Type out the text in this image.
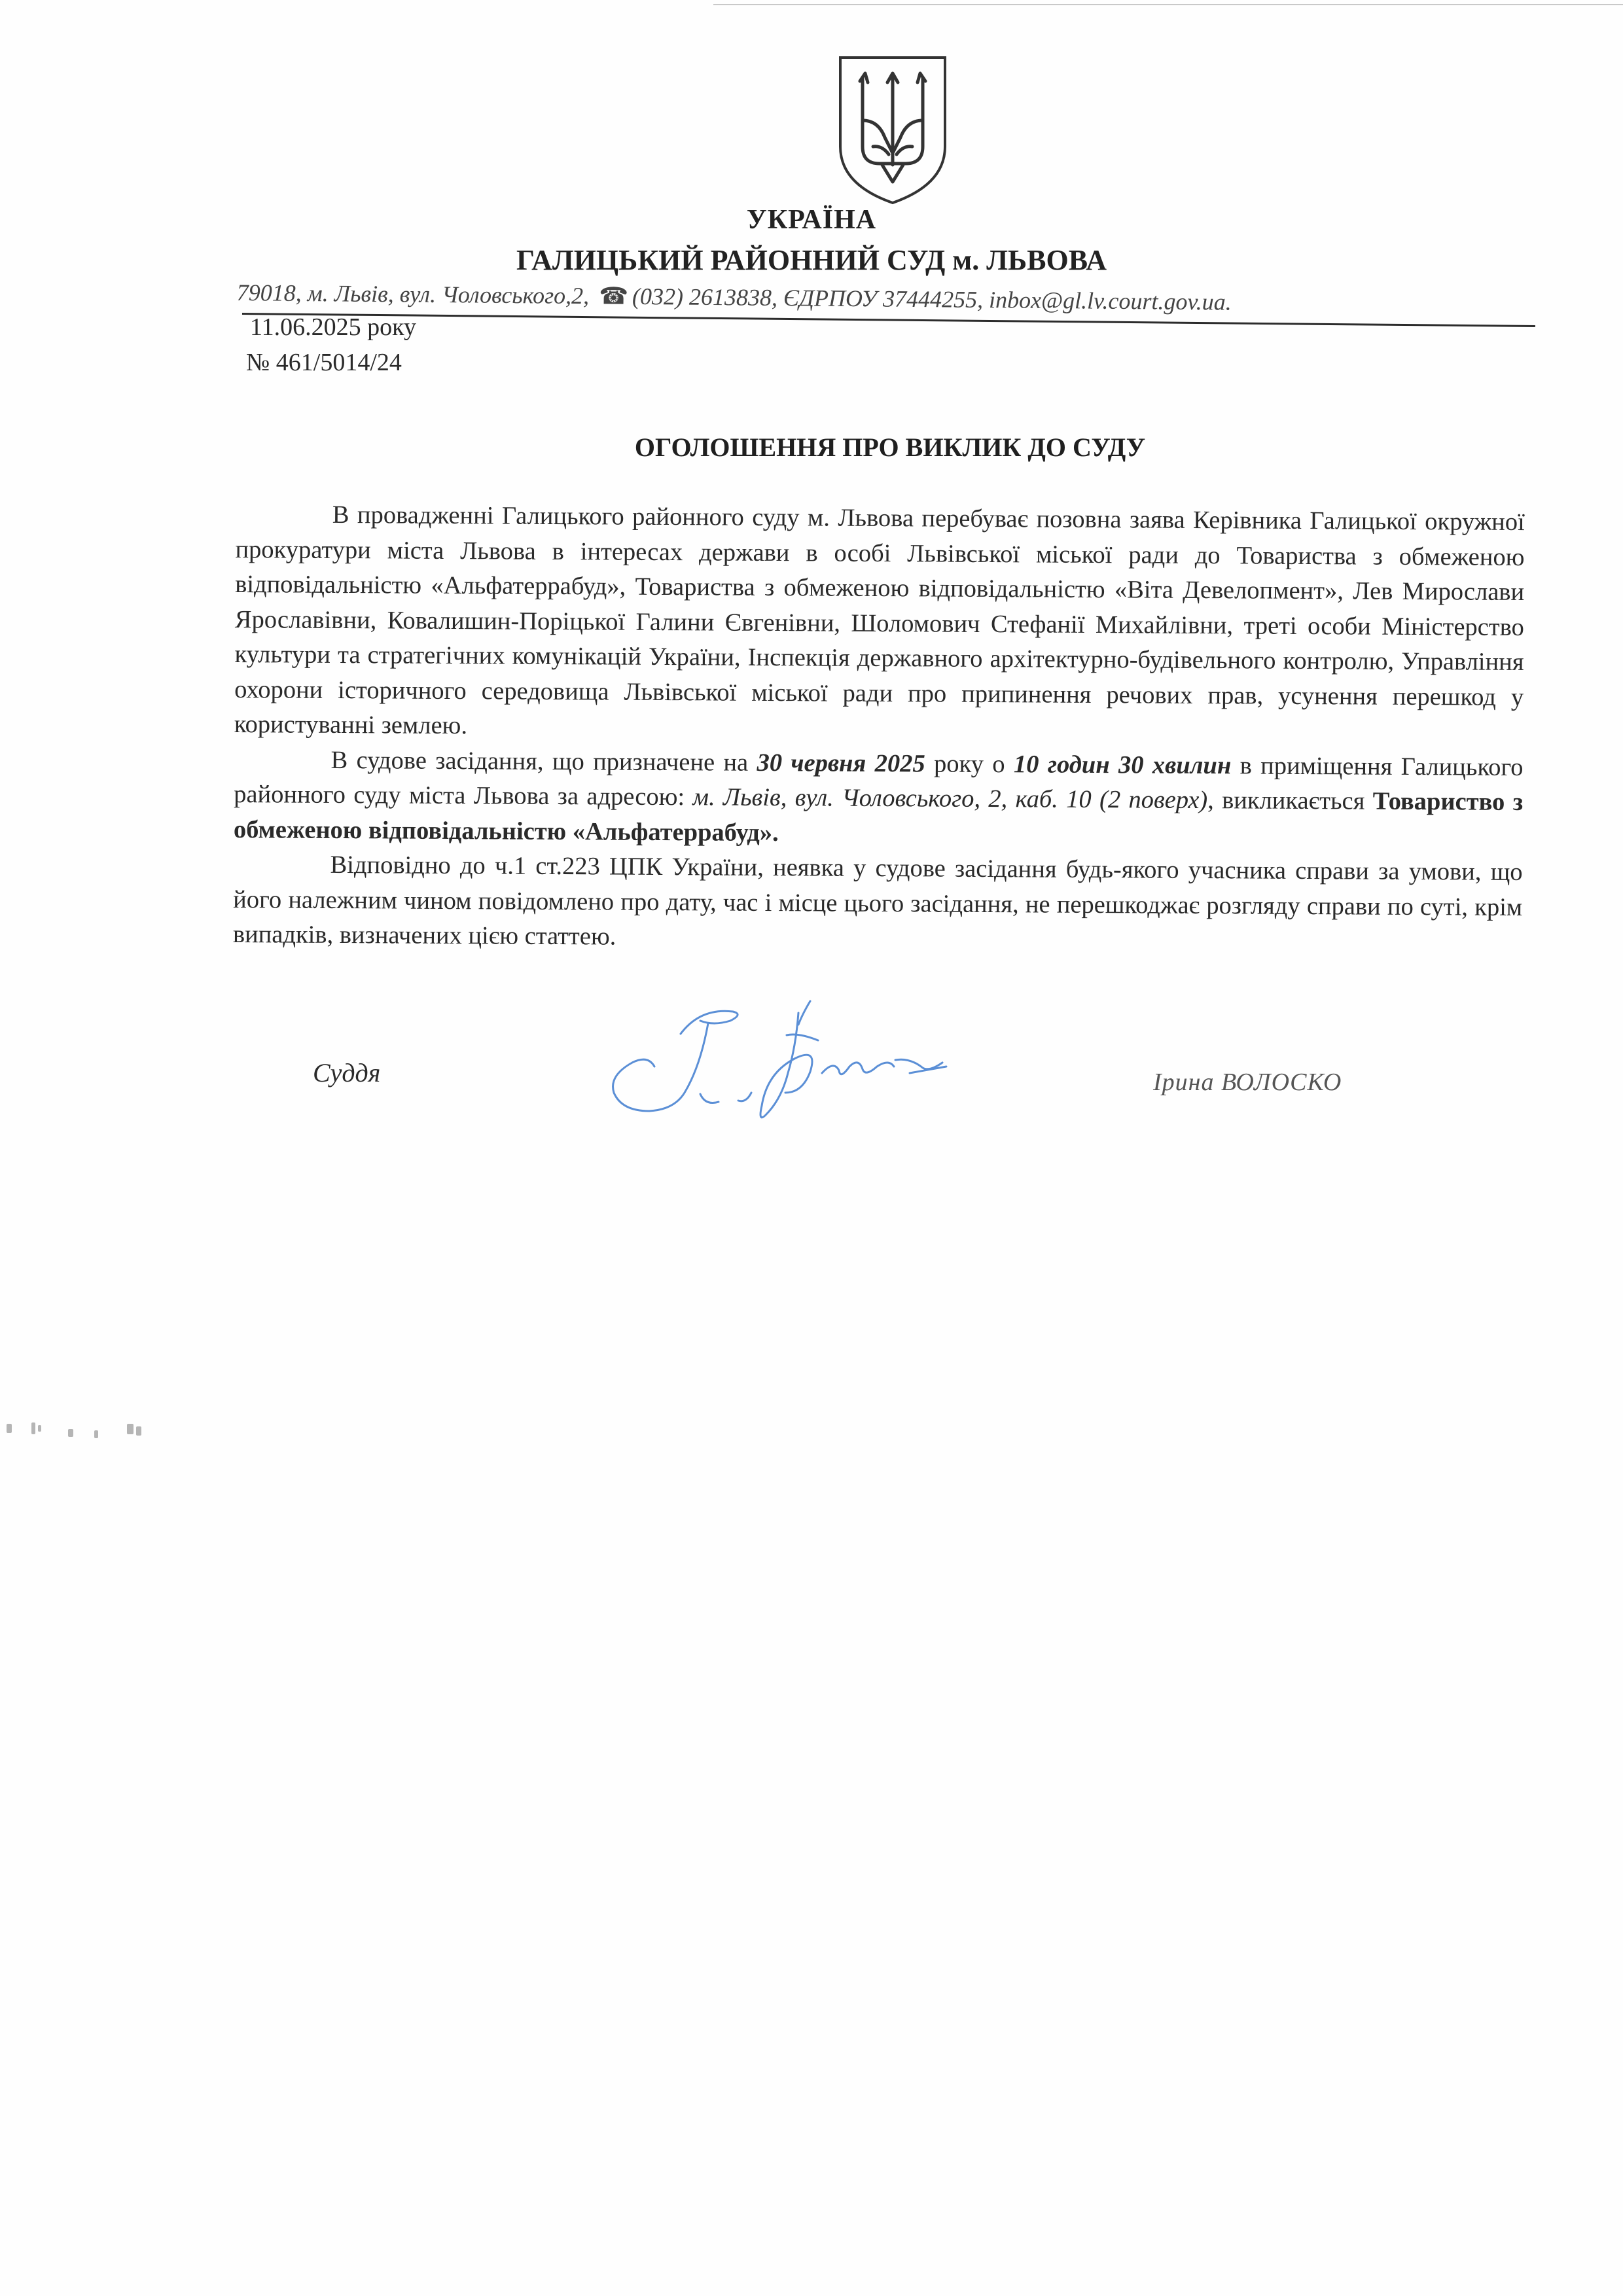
УКРАЇНА
ГАЛИЦЬКИЙ РАЙОННИЙ СУД м. ЛЬВОВА
79018, м. Львів, вул. Чоловського,2, ☎ (032) 2613838, ЄДРПОУ 37444255, inbox@gl.lv.court.gov.ua.
11.06.2025 року
№ 461/5014/24
ОГОЛОШЕННЯ ПРО ВИКЛИК ДО СУДУ

В провадженні Галицького районного суду м. Львова перебуває позовна заява Керівника Галицької окружної прокуратури міста Львова в інтересах держави в особі Львівської міської ради до Товариства з обмеженою відповідальністю «Альфатеррабуд», Товариства з обмеженою відповідальністю «Віта Девелопмент», Лев Мирослави Ярославівни, Ковалишин-Поріцької Галини Євгенівни, Шоломович Стефанії Михайлівни, треті особи Міністерство культури та стратегічних комунікацій України, Інспекція державного архітектурно-будівельного контролю, Управління охорони історичного середовища Львівської міської ради про припинення речових прав, усунення перешкод у користуванні землею.

В судове засідання, що призначене на 30 червня 2025 року о 10 годин 30 хвилин в приміщення Галицького районного суду міста Львова за адресою: м. Львів, вул. Чоловського, 2, каб. 10 (2 поверх), викликається Товариство з обмеженою відповідальністю «Альфатеррабуд».

Відповідно до ч.1 ст.223 ЦПК України, неявка у судове засідання будь-якого учасника справи за умови, що його належним чином повідомлено про дату, час і місце цього засідання, не перешкоджає розгляду справи по суті, крім випадків, визначених цією статтею.

Суддя	Ірина ВОЛОСКО
